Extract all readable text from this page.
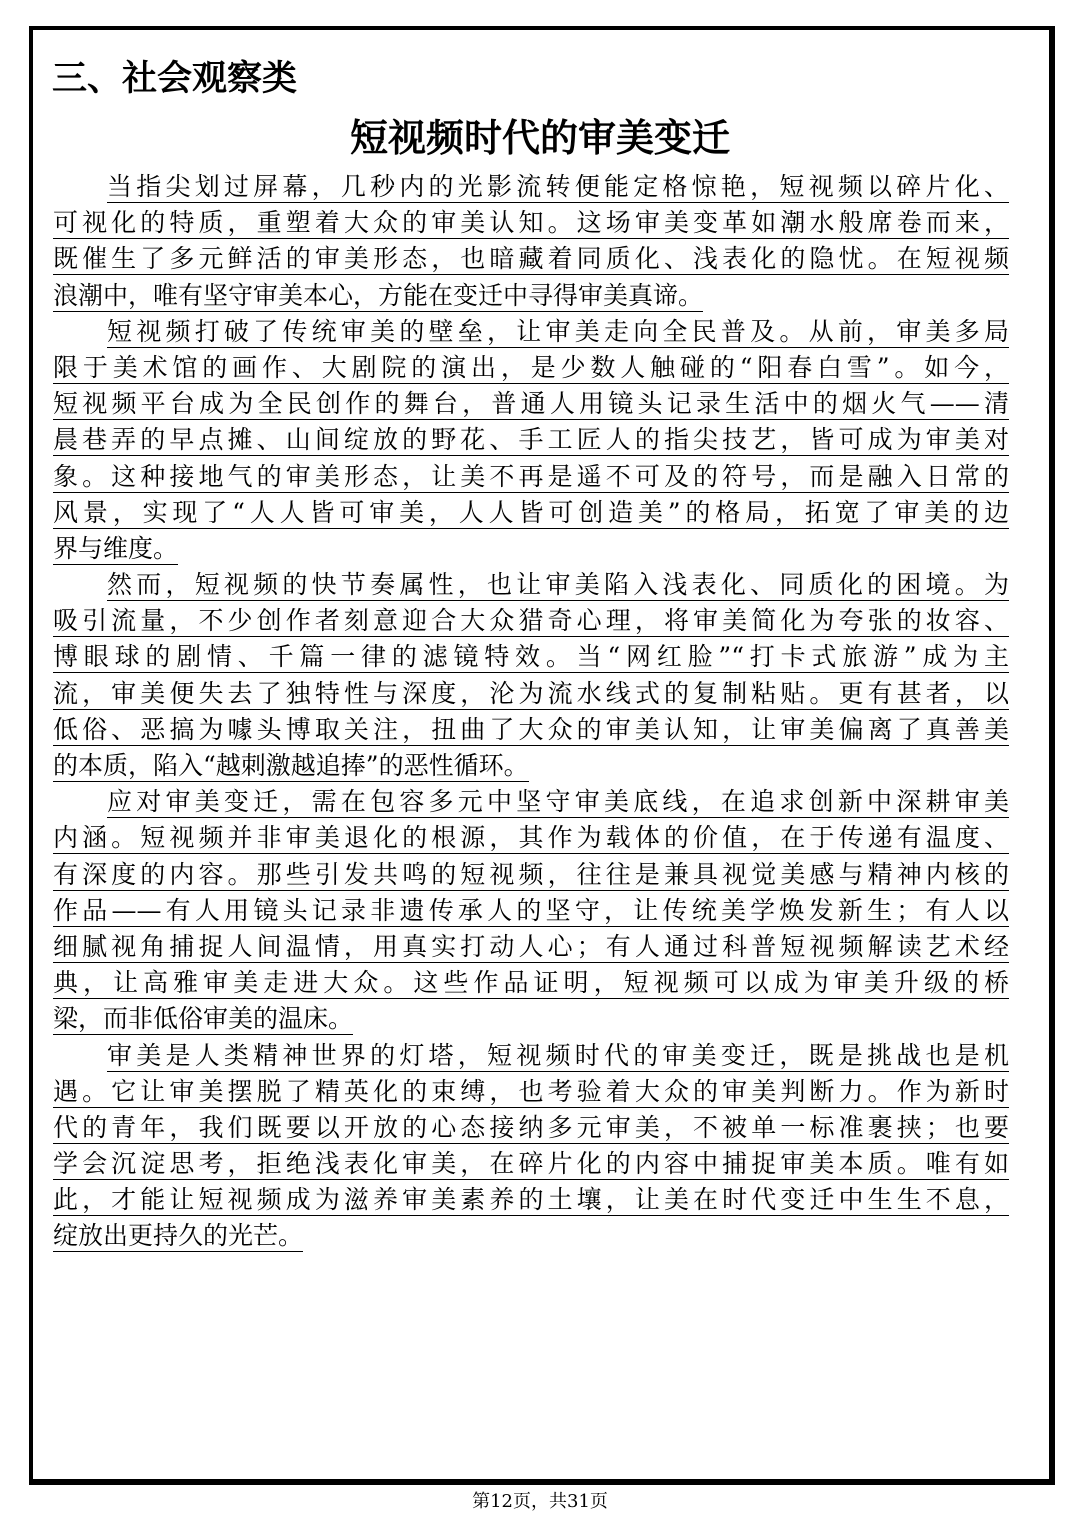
三、社会观察类
短视频时代的审美变迁
当指尖划过屏幕，几秒内的光影流转便能定格惊艳，短视频以碎片化、
可视化的特质，重塑着大众的审美认知。这场审美变革如潮水般席卷而来，
既催生了多元鲜活的审美形态，也暗藏着同质化、浅表化的隐忧。在短视频
浪潮中，唯有坚守审美本心，方能在变迁中寻得审美真谛。
短视频打破了传统审美的壁垒，让审美走向全民普及。从前，审美多局
限于美术馆的画作、大剧院的演出，是少数人触碰的“阳春白雪”。如今，
短视频平台成为全民创作的舞台，普通人用镜头记录生活中的烟火气——清
晨巷弄的早点摊、山间绽放的野花、手工匠人的指尖技艺，皆可成为审美对
象。这种接地气的审美形态，让美不再是遥不可及的符号，而是融入日常的
风景，实现了“人人皆可审美，人人皆可创造美”的格局，拓宽了审美的边
界与维度。
然而，短视频的快节奏属性，也让审美陷入浅表化、同质化的困境。为
吸引流量，不少创作者刻意迎合大众猎奇心理，将审美简化为夸张的妆容、
博眼球的剧情、千篇一律的滤镜特效。当“网红脸”“打卡式旅游”成为主
流，审美便失去了独特性与深度，沦为流水线式的复制粘贴。更有甚者，以
低俗、恶搞为噱头博取关注，扭曲了大众的审美认知，让审美偏离了真善美
的本质，陷入“越刺激越追捧”的恶性循环。
应对审美变迁，需在包容多元中坚守审美底线，在追求创新中深耕审美
内涵。短视频并非审美退化的根源，其作为载体的价值，在于传递有温度、
有深度的内容。那些引发共鸣的短视频，往往是兼具视觉美感与精神内核的
作品——有人用镜头记录非遗传承人的坚守，让传统美学焕发新生；有人以
细腻视角捕捉人间温情，用真实打动人心；有人通过科普短视频解读艺术经
典，让高雅审美走进大众。这些作品证明，短视频可以成为审美升级的桥
梁，而非低俗审美的温床。
审美是人类精神世界的灯塔，短视频时代的审美变迁，既是挑战也是机
遇。它让审美摆脱了精英化的束缚，也考验着大众的审美判断力。作为新时
代的青年，我们既要以开放的心态接纳多元审美，不被单一标准裹挟；也要
学会沉淀思考，拒绝浅表化审美，在碎片化的内容中捕捉审美本质。唯有如
此，才能让短视频成为滋养审美素养的土壤，让美在时代变迁中生生不息，
绽放出更持久的光芒。
第12页，共31页
